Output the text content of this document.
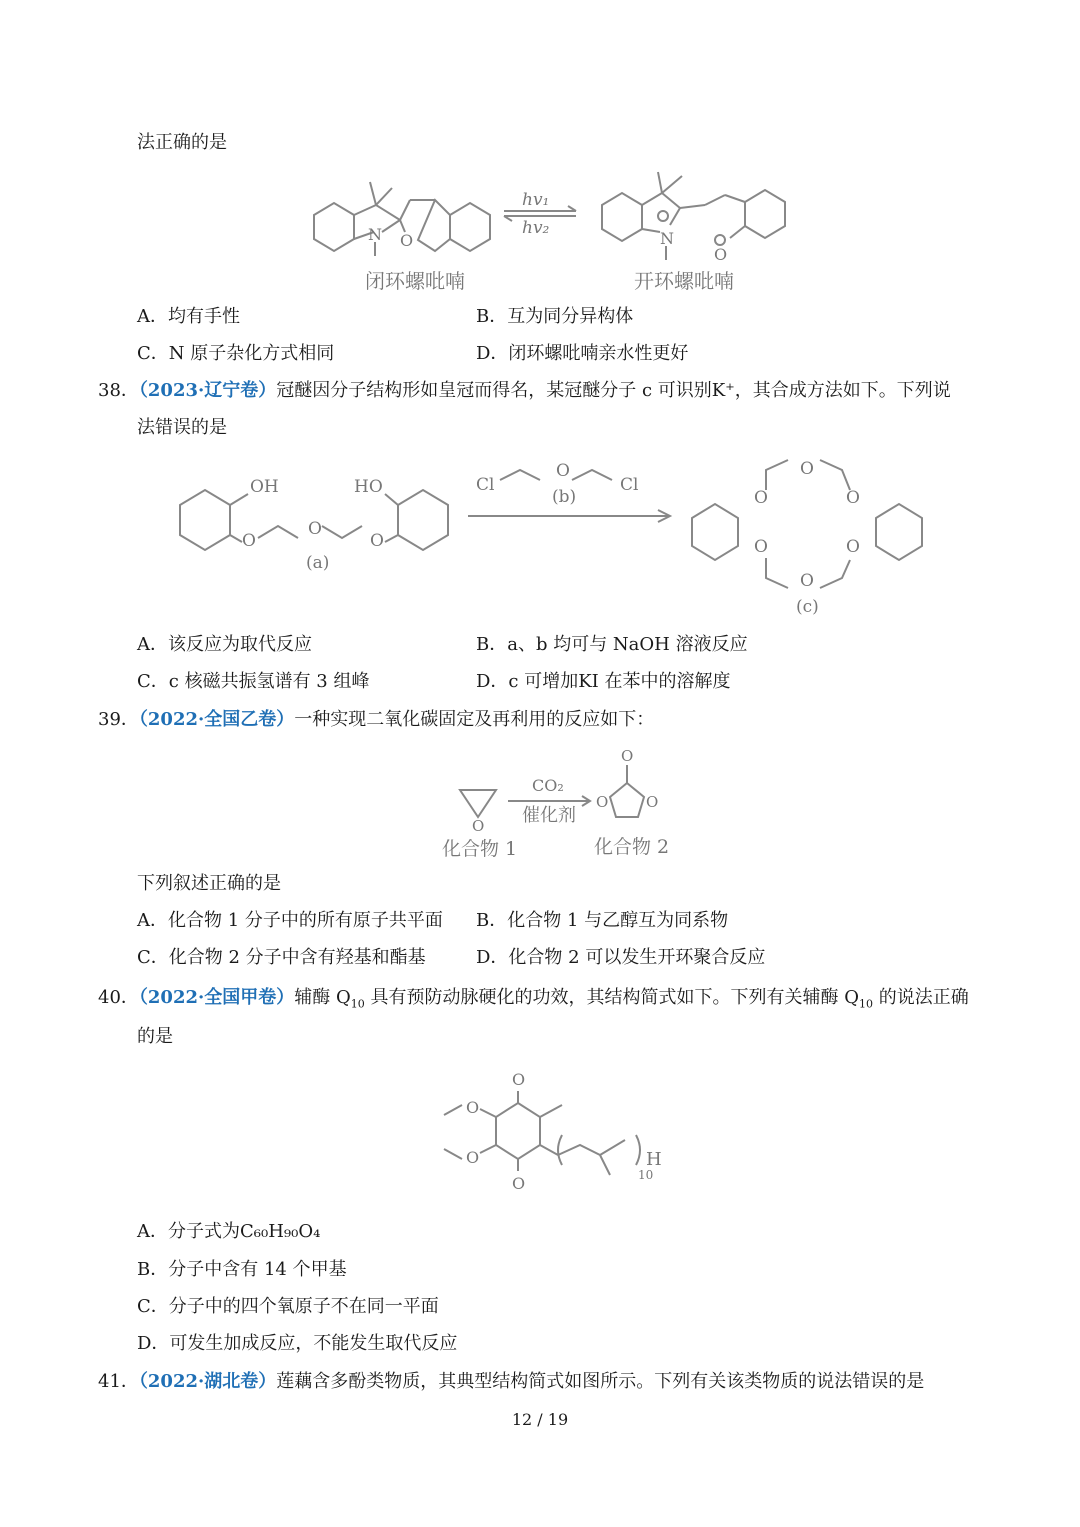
法正确的是
N O
闭环螺吡喃
hv₁
hv₂
N
O
开环螺吡喃
A．均有手性	B．互为同分异构体
C．N 原子杂化方式相同	D．闭环螺吡喃亲水性更好
38．（2023·辽宁卷）冠醚因分子结构形如皇冠而得名，某冠醚分子 c 可识别K⁺，其合成方法如下。下列说
法错误的是
OH
O
O
O
HO
(a)
Cl
O
Cl
(b)	O
O
O
O
O
O
(c)
A．该反应为取代反应	B．a、b 均可与 NaOH 溶液反应
C．c 核磁共振氢谱有 3 组峰	D．c 可增加KI 在苯中的溶解度
39．（2022·全国乙卷）一种实现二氧化碳固定及再利用的反应如下：
O
CO₂
催化剂
O
O
O
化合物 1	化合物 2
下列叙述正确的是
A．化合物 1 分子中的所有原子共平面 B．化合物 1 与乙醇互为同系物
C．化合物 2 分子中含有羟基和酯基	D．化合物 2 可以发生开环聚合反应
40．（2022·全国甲卷）辅酶 $Q_{10}$ 具有预防动脉硬化的功效，其结构简式如下。下列有关辅酶 $Q_{10}$ 的说法正确
的是
O
O
O
O	H
10
A．分子式为C₆₀H₉₀O₄
B．分子中含有 14 个甲基
C．分子中的四个氧原子不在同一平面
D．可发生加成反应，不能发生取代反应
41．（2022·湖北卷）莲藕含多酚类物质，其典型结构简式如图所示。下列有关该类物质的说法错误的是
12 / 19
